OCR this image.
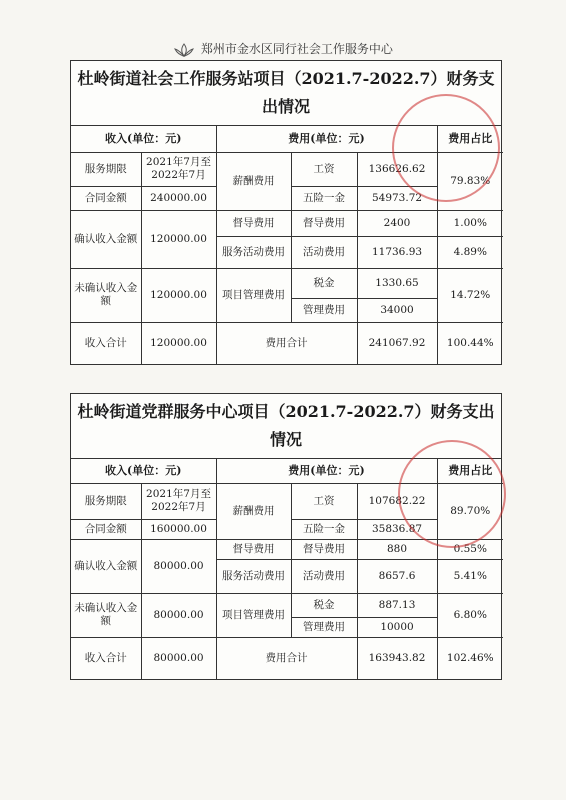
郑州市金水区同行社会工作服务中心
杜岭街道社会工作服务站项目（2021.7-2022.7）财务支出情况
收入(单位：元)		费用(单位：元)			费用占比
服务期限	2021年7月至2022年7月	薪酬费用	工资	136626.62	79.83%
合同金额	240000.00		五险一金	54973.72	
确认收入金额	120000.00	督导费用	督导费用	2400	1.00%
		服务活动费用	活动费用	11736.93	4.89%
未确认收入金额	120000.00	项目管理费用	税金	1330.65	14.72%
			管理费用	34000	
收入合计	120000.00	费用合计		241067.92	100.44%
杜岭街道党群服务中心项目（2021.7-2022.7）财务支出情况
收入(单位：元)		费用(单位：元)			费用占比
服务期限	2021年7月至2022年7月	薪酬费用	工资	107682.22	89.70%
合同金额	160000.00		五险一金	35836.87	
确认收入金额	80000.00	督导费用	督导费用	880	0.55%
		服务活动费用	活动费用	8657.6	5.41%
未确认收入金额	80000.00	项目管理费用	税金	887.13	6.80%
			管理费用	10000	
收入合计	80000.00	费用合计		163943.82	102.46%
